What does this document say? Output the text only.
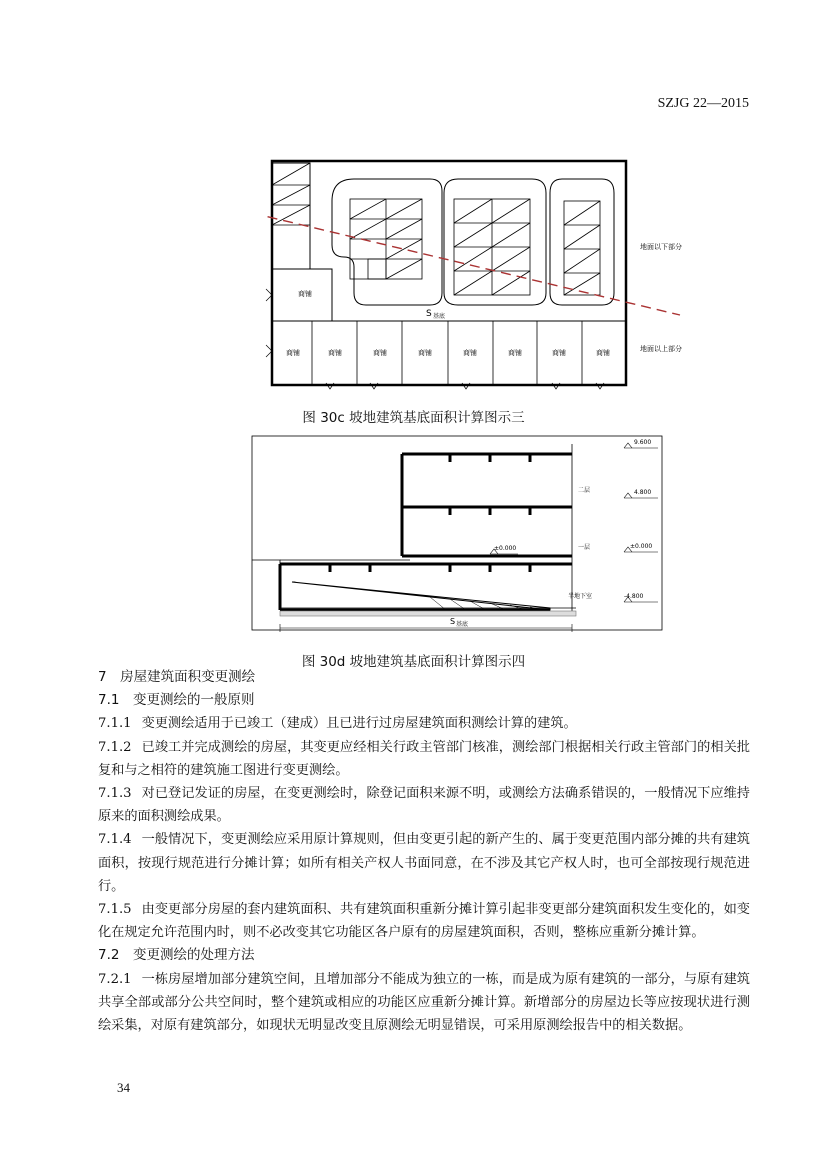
SZJG 22—2015
地面以下部分
地面以上部分
商铺
商铺	商铺	商铺	商铺	商铺	商铺	商铺	商铺
S 基底
图 30c 坡地建筑基底面积计算图示三
9.600
4.800
±0.000
-4.800
±0.000
二层
一层
半地下室
S 基底
图 30d 坡地建筑基底面积计算图示四
7　房屋建筑面积变更测绘
7.1　变更测绘的一般原则
7.1.1 变更测绘适用于已竣工（建成）且已进行过房屋建筑面积测绘计算的建筑。
7.1.2 已竣工并完成测绘的房屋，其变更应经相关行政主管部门核准，测绘部门根据相关行政主管部门的相关批复和与之相符的建筑施工图进行变更测绘。
7.1.3 对已登记发证的房屋，在变更测绘时，除登记面积来源不明，或测绘方法确系错误的，一般情况下应维持原来的面积测绘成果。
7.1.4 一般情况下，变更测绘应采用原计算规则，但由变更引起的新产生的、属于变更范围内部分摊的共有建筑面积，按现行规范进行分摊计算；如所有相关产权人书面同意，在不涉及其它产权人时，也可全部按现行规范进行。
7.1.5 由变更部分房屋的套内建筑面积、共有建筑面积重新分摊计算引起非变更部分建筑面积发生变化的，如变化在规定允许范围内时，则不必改变其它功能区各户原有的房屋建筑面积，否则，整栋应重新分摊计算。
7.2　变更测绘的处理方法
7.2.1 一栋房屋增加部分建筑空间，且增加部分不能成为独立的一栋，而是成为原有建筑的一部分，与原有建筑共享全部或部分公共空间时，整个建筑或相应的功能区应重新分摊计算。新增部分的房屋边长等应按现状进行测绘采集，对原有建筑部分，如现状无明显改变且原测绘无明显错误，可采用原测绘报告中的相关数据。
34
